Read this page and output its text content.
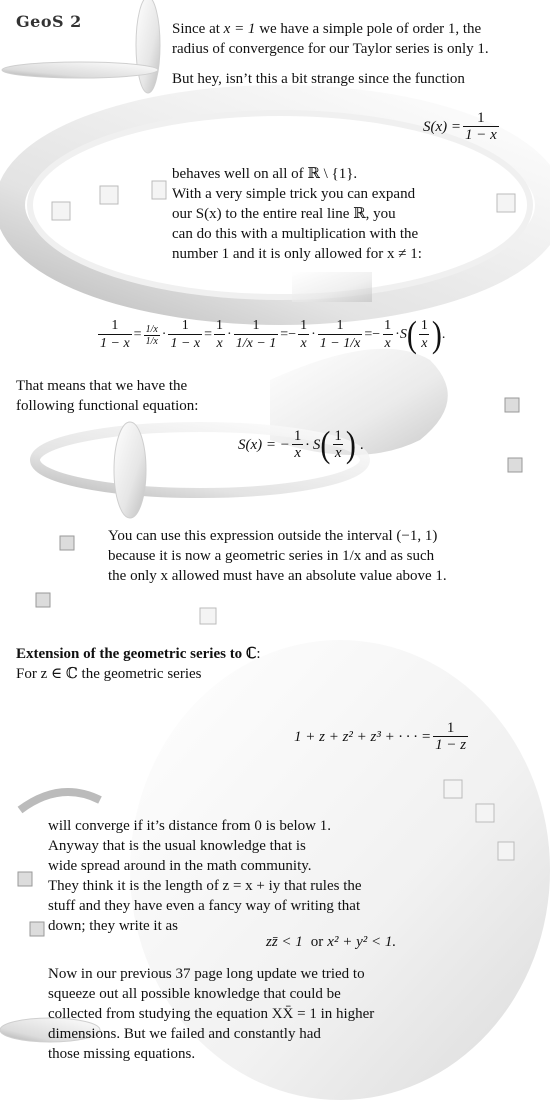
GeoS 2	Since at x = 1 we have a simple pole of order 1, the
radius of convergence for our Taylor series is only 1.
But hey, isn’t this a bit strange since the function
$S(x) = \frac{1}{1 - x}$
behaves well on all of ℝ \ {1}.
With a very simple trick you can expand
our S(x) to the entire real line ℝ, you
can do this with a multiplication with the
number 1 and it is only allowed for x ≠ 1:
$\frac{1}{1 - x} = \frac{1/x}{1/x} \cdot \frac{1}{1 - x} = \frac{1}{x} \cdot \frac{1}{1/x - 1}$ = − $\frac{1}{x} \cdot \frac{1}{1 - 1/x}$ = − $\frac{1}{x} \cdot S$ ( $\frac{1}{x}$ ) .
That means that we have the
following functional equation:
S(x) = − $\frac{1}{x} \cdot S$ ( $\frac{1}{x}$ ) .
You can use this expression outside the interval (−1, 1)
because it is now a geometric series in 1/x and as such
the only x allowed must have an absolute value above 1.
Extension of the geometric series to ℂ:
For z ∈ ℂ the geometric series
1 + z + z² + z³ + · · · = $\frac{1}{1 - z}$
will converge if it’s distance from 0 is below 1.
Anyway that is the usual knowledge that is
wide spread around in the math community.
They think it is the length of z = x + iy that rules the
stuff and they have even a fancy way of writing that
down; they write it as
zz̄ < 1 or x² + y² < 1.
Now in our previous 37 page long update we tried to
squeeze out all possible knowledge that could be
collected from studying the equation XX̄ = 1 in higher
dimensions. But we failed and constantly had
those missing equations.
